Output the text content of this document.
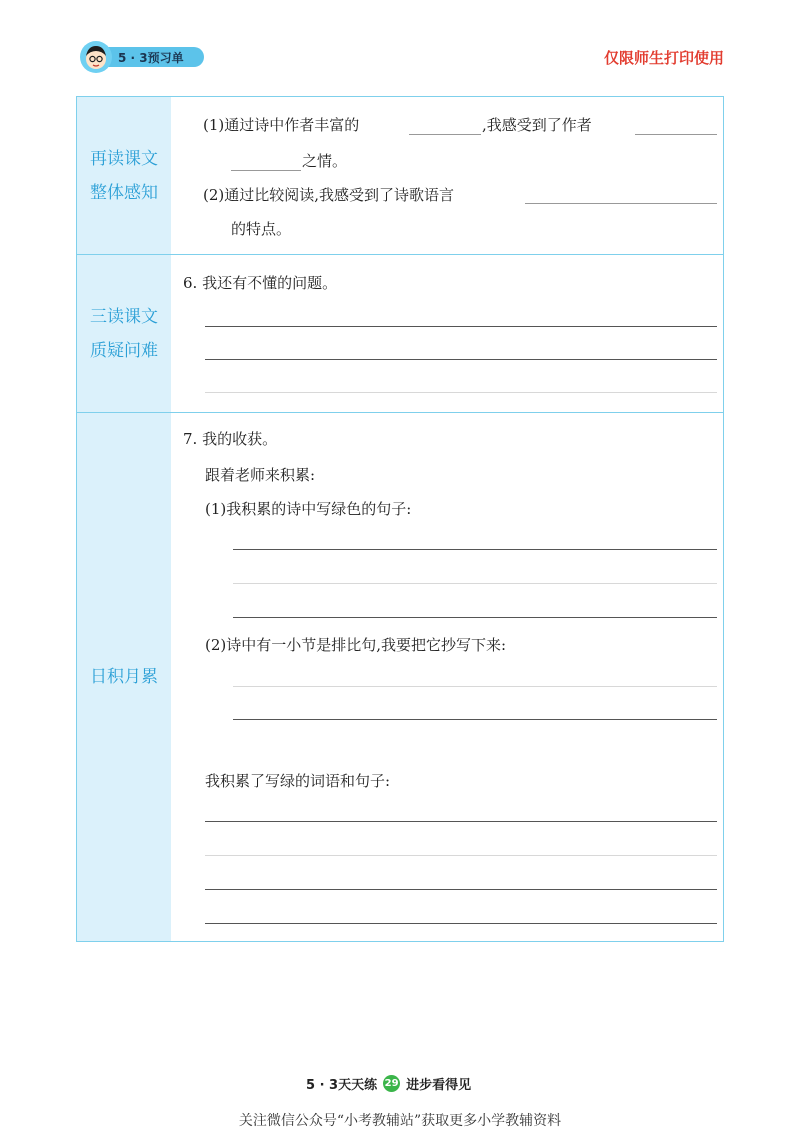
5 · 3预习单	仅限师生打印使用
再读课文
整体感知
(1)通过诗中作者丰富的	,我感受到了作者
之情。
(2)通过比较阅读,我感受到了诗歌语言
的特点。
三读课文
质疑问难
6. 我还有不懂的问题。
日积月累
7. 我的收获。
跟着老师来积累:
(1)我积累的诗中写绿色的句子:
(2)诗中有一小节是排比句,我要把它抄写下来:
我积累了写绿的词语和句子:
5 · 3天天练 29 进步看得见
关注微信公众号“小考教辅站”获取更多小学教辅资料
